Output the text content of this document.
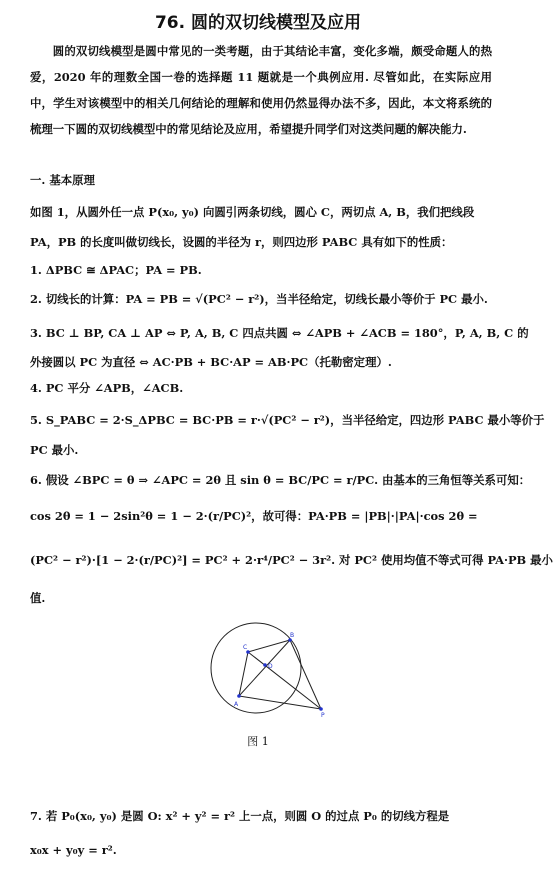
76. 圆的双切线模型及应用
圆的双切线模型是圆中常见的一类考题，由于其结论丰富，变化多端，颇受命题人的热爱，2020 年的理数全国一卷的选择题 11 题就是一个典例应用. 尽管如此，在实际应用中，学生对该模型中的相关几何结论的理解和使用仍然显得办法不多，因此，本文将系统的梳理一下圆的双切线模型中的常见结论及应用，希望提升同学们对这类问题的解决能力.
一. 基本原理
如图 1，从圆外任一点 P(x₀, y₀) 向圆引两条切线，圆心 C，两切点 A, B，我们把线段
PA，PB 的长度叫做切线长，设圆的半径为 r，则四边形 PABC 具有如下的性质：
1. ΔPBC ≅ ΔPAC；PA = PB.
2. 切线长的计算：PA = PB = √(PC² − r²)，当半径给定，切线长最小等价于 PC 最小.
3. BC ⊥ BP, CA ⊥ AP ⇔ P, A, B, C 四点共圆 ⇔ ∠APB + ∠ACB = 180°，P, A, B, C 的
外接圆以 PC 为直径 ⇔ AC·PB + BC·AP = AB·PC（托勒密定理）.
4. PC 平分 ∠APB，∠ACB.
5. S_PABC = 2·S_ΔPBC = BC·PB = r·√(PC² − r²)，当半径给定，四边形 PABC 最小等价于
PC 最小.
6. 假设 ∠BPC = θ ⇒ ∠APC = 2θ 且 sin θ = BC/PC = r/PC. 由基本的三角恒等关系可知：
cos 2θ = 1 − 2sin²θ = 1 − 2·(r/PC)²，故可得：PA·PB = |PB|·|PA|·cos 2θ =
(PC² − r²)·[1 − 2·(r/PC)²] = PC² + 2·r⁴/PC² − 3r². 对 PC² 使用均值不等式可得 PA·PB 最小
值.
A
B
C
D
P
图 1
7. 若 P₀(x₀, y₀) 是圆 O: x² + y² = r² 上一点，则圆 O 的过点 P₀ 的切线方程是
x₀x + y₀y = r².
